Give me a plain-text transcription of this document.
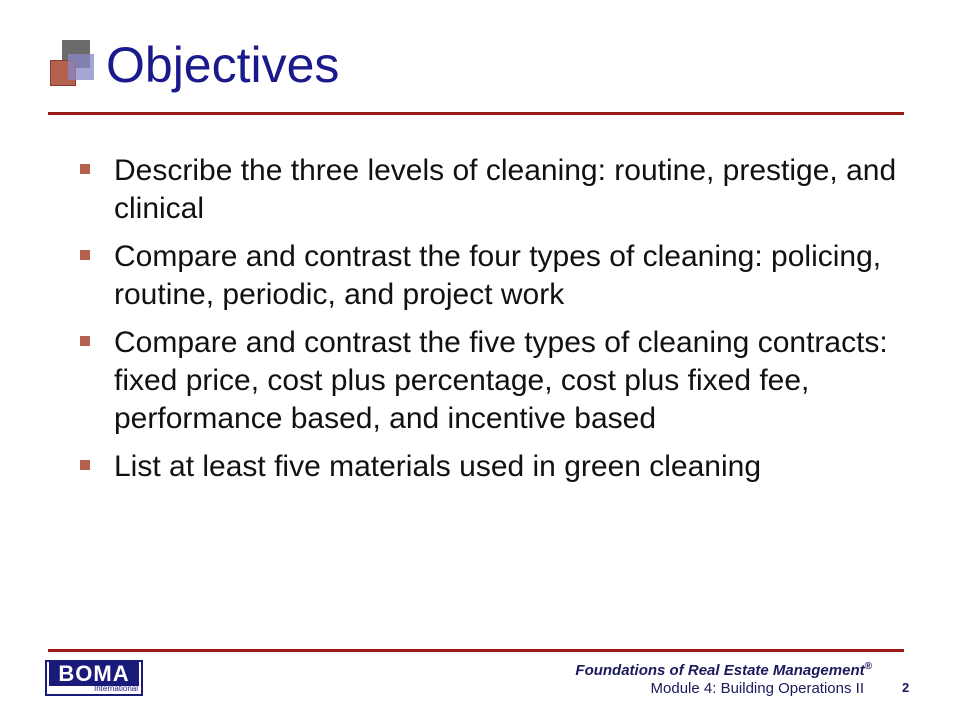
Objectives
Describe the three levels of cleaning: routine, prestige, and clinical
Compare and contrast the four types of cleaning: policing, routine, periodic, and project work
Compare and contrast the five types of cleaning contracts: fixed price, cost plus percentage, cost plus fixed fee, performance based, and incentive based
List at least five materials used in green cleaning
BOMA
International
Foundations of Real Estate Management®
Module 4: Building Operations II	2
